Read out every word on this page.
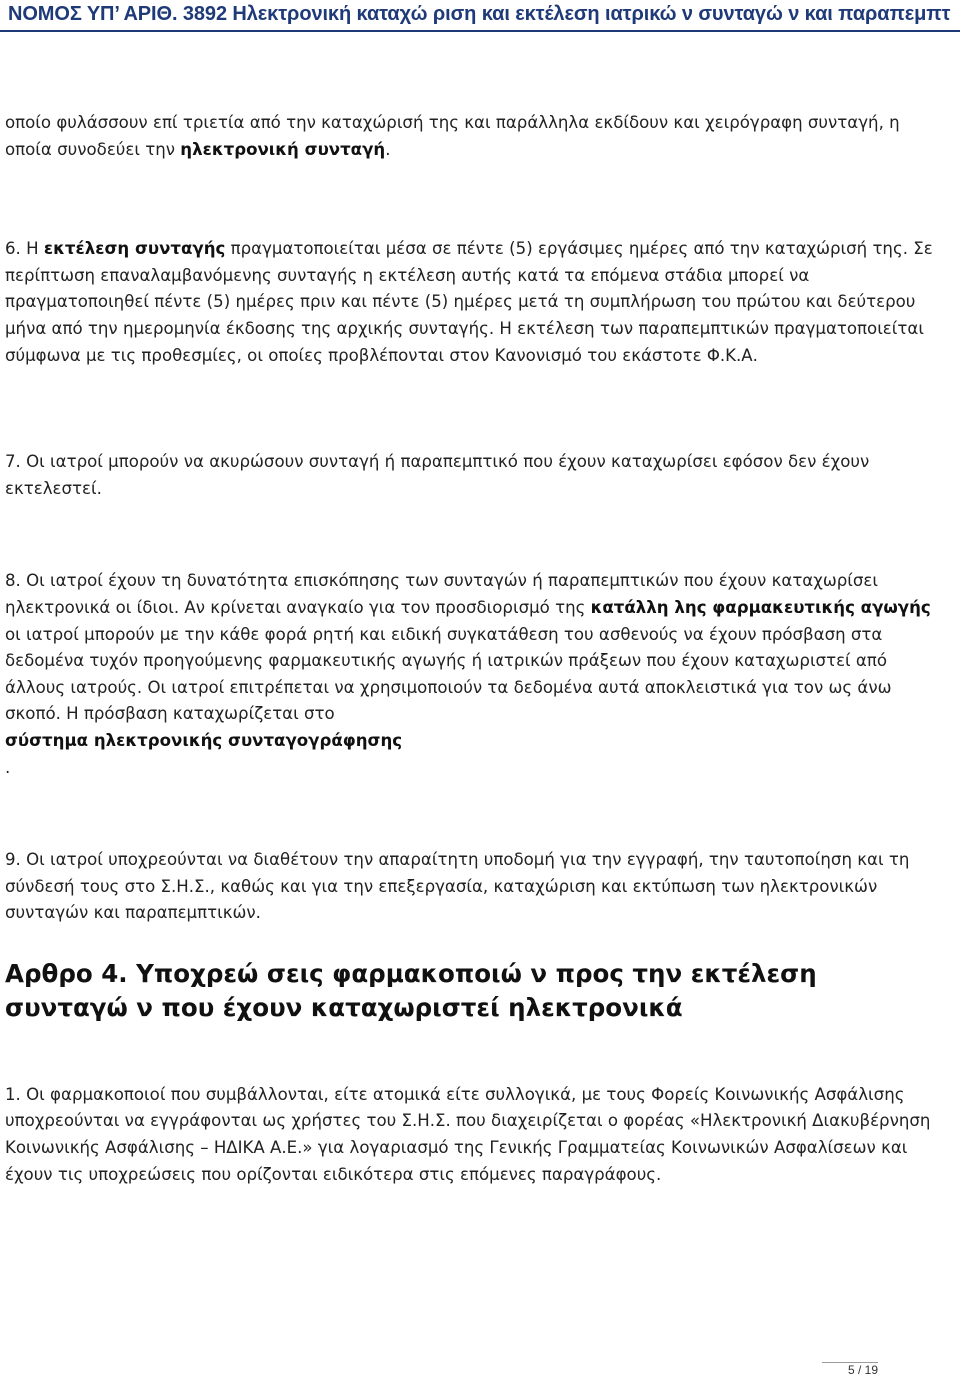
ΝΟΜΟΣ ΥΠ’ ΑΡΙΘ. 3892 Ηλεκτρονική καταχώ ριση και εκτέλεση ιατρικώ ν συνταγώ ν και παραπεμπτ

οποίο φυλάσσουν επί τριετία από την καταχώρισή της και παράλληλα εκδίδουν και χειρόγραφη συνταγή, η οποία συνοδεύει την ηλεκτρονική συνταγή.

6. Η εκτέλεση συνταγής πραγματοποιείται μέσα σε πέντε (5) εργάσιμες ημέρες από την καταχώρισή της. Σε περίπτωση επαναλαμβανόμενης συνταγής η εκτέλεση αυτής κατά τα επόμενα στάδια μπορεί να πραγματοποιηθεί πέντε (5) ημέρες πριν και πέντε (5) ημέρες μετά τη συμπλήρωση του πρώτου και δεύτερου μήνα από την ημερομηνία έκδοσης της αρχικής συνταγής. Η εκτέλεση των παραπεμπτικών πραγματοποιείται σύμφωνα με τις προθεσμίες, οι οποίες προβλέπονται στον Κανονισμό του εκάστοτε Φ.Κ.Α.

7. Οι ιατροί μπορούν να ακυρώσουν συνταγή ή παραπεμπτικό που έχουν καταχωρίσει εφόσον δεν έχουν εκτελεστεί.

8. Οι ιατροί έχουν τη δυνατότητα επισκόπησης των συνταγών ή παραπεμπτικών που έχουν καταχωρίσει ηλεκτρονικά οι ίδιοι. Αν κρίνεται αναγκαίο για τον προσδιορισμό της κατάλλη λης φαρμακευτικής αγωγής
οι ιατροί μπορούν με την κάθε φορά ρητή και ειδική συγκατάθεση του ασθενούς να έχουν πρόσβαση στα δεδομένα τυχόν προηγούμενης φαρμακευτικής αγωγής ή ιατρικών πράξεων που έχουν καταχωριστεί από άλλους ιατρούς. Οι ιατροί επιτρέπεται να χρησιμοποιούν τα δεδομένα αυτά αποκλειστικά για τον ως άνω σκοπό. Η πρόσβαση καταχωρίζεται στο
σύστημα ηλεκτρονικής συνταγογράφησης
.

9. Οι ιατροί υποχρεούνται να διαθέτουν την απαραίτητη υποδομή για την εγγραφή, την ταυτοποίηση και τη σύνδεσή τους στο Σ.Η.Σ., καθώς και για την επεξεργασία, καταχώριση και εκτύπωση των ηλεκτρονικών συνταγών και παραπεμπτικών.

Αρθρο 4. Υποχρεώ σεις φαρμακοποιώ ν προς την εκτέλεση συνταγώ ν που έχουν καταχωριστεί ηλεκτρονικά

1. Οι φαρμακοποιοί που συμβάλλονται, είτε ατομικά είτε συλλογικά, με τους Φορείς Κοινωνικής Ασφάλισης υποχρεούνται να εγγράφονται ως χρήστες του Σ.Η.Σ. που διαχειρίζεται ο φορέας «Ηλεκτρονική Διακυβέρνηση Κοινωνικής Ασφάλισης – ΗΔΙΚΑ Α.Ε.» για λογαριασμό της Γενικής Γραμματείας Κοινωνικών Ασφαλίσεων και έχουν τις υποχρεώσεις που ορίζονται ειδικότερα στις επόμενες παραγράφους.

5 / 19
